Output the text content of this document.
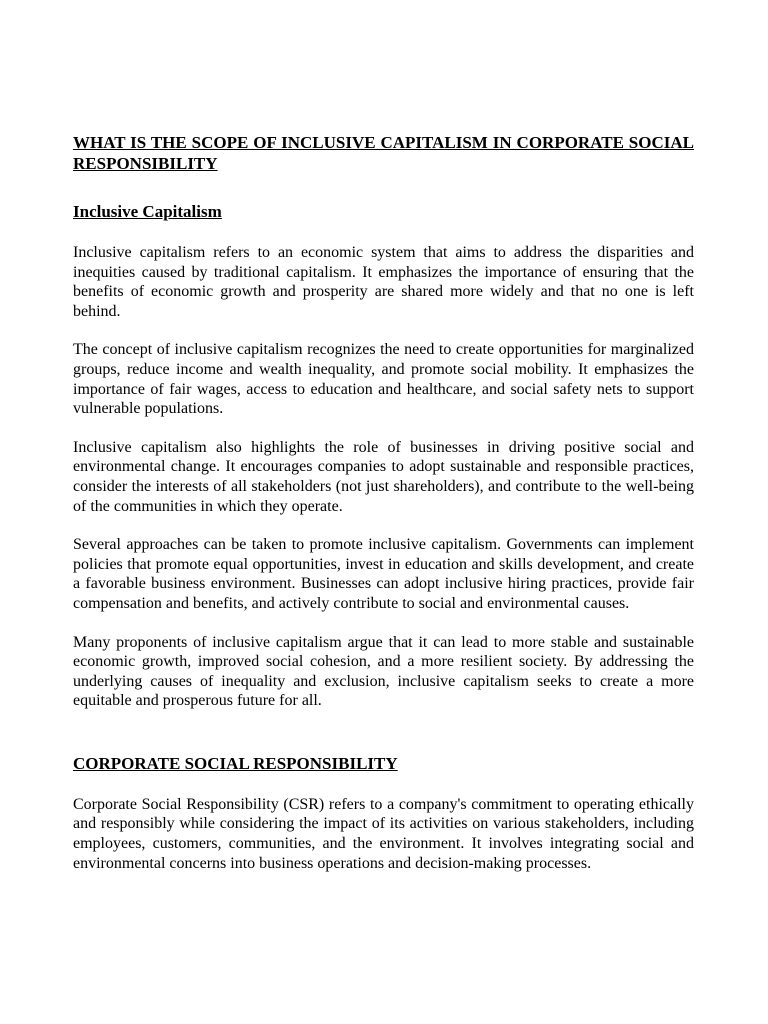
WHAT IS THE SCOPE OF INCLUSIVE CAPITALISM IN CORPORATE SOCIAL RESPONSIBILITY
Inclusive Capitalism

Inclusive capitalism refers to an economic system that aims to address the disparities and inequities caused by traditional capitalism. It emphasizes the importance of ensuring that the benefits of economic growth and prosperity are shared more widely and that no one is left behind.

The concept of inclusive capitalism recognizes the need to create opportunities for marginalized groups, reduce income and wealth inequality, and promote social mobility. It emphasizes the importance of fair wages, access to education and healthcare, and social safety nets to support vulnerable populations.

Inclusive capitalism also highlights the role of businesses in driving positive social and environmental change. It encourages companies to adopt sustainable and responsible practices, consider the interests of all stakeholders (not just shareholders), and contribute to the well-being of the communities in which they operate.

Several approaches can be taken to promote inclusive capitalism. Governments can implement policies that promote equal opportunities, invest in education and skills development, and create a favorable business environment. Businesses can adopt inclusive hiring practices, provide fair compensation and benefits, and actively contribute to social and environmental causes.

Many proponents of inclusive capitalism argue that it can lead to more stable and sustainable economic growth, improved social cohesion, and a more resilient society. By addressing the underlying causes of inequality and exclusion, inclusive capitalism seeks to create a more equitable and prosperous future for all.

CORPORATE SOCIAL RESPONSIBILITY

Corporate Social Responsibility (CSR) refers to a company's commitment to operating ethically and responsibly while considering the impact of its activities on various stakeholders, including employees, customers, communities, and the environment. It involves integrating social and environmental concerns into business operations and decision-making processes.
